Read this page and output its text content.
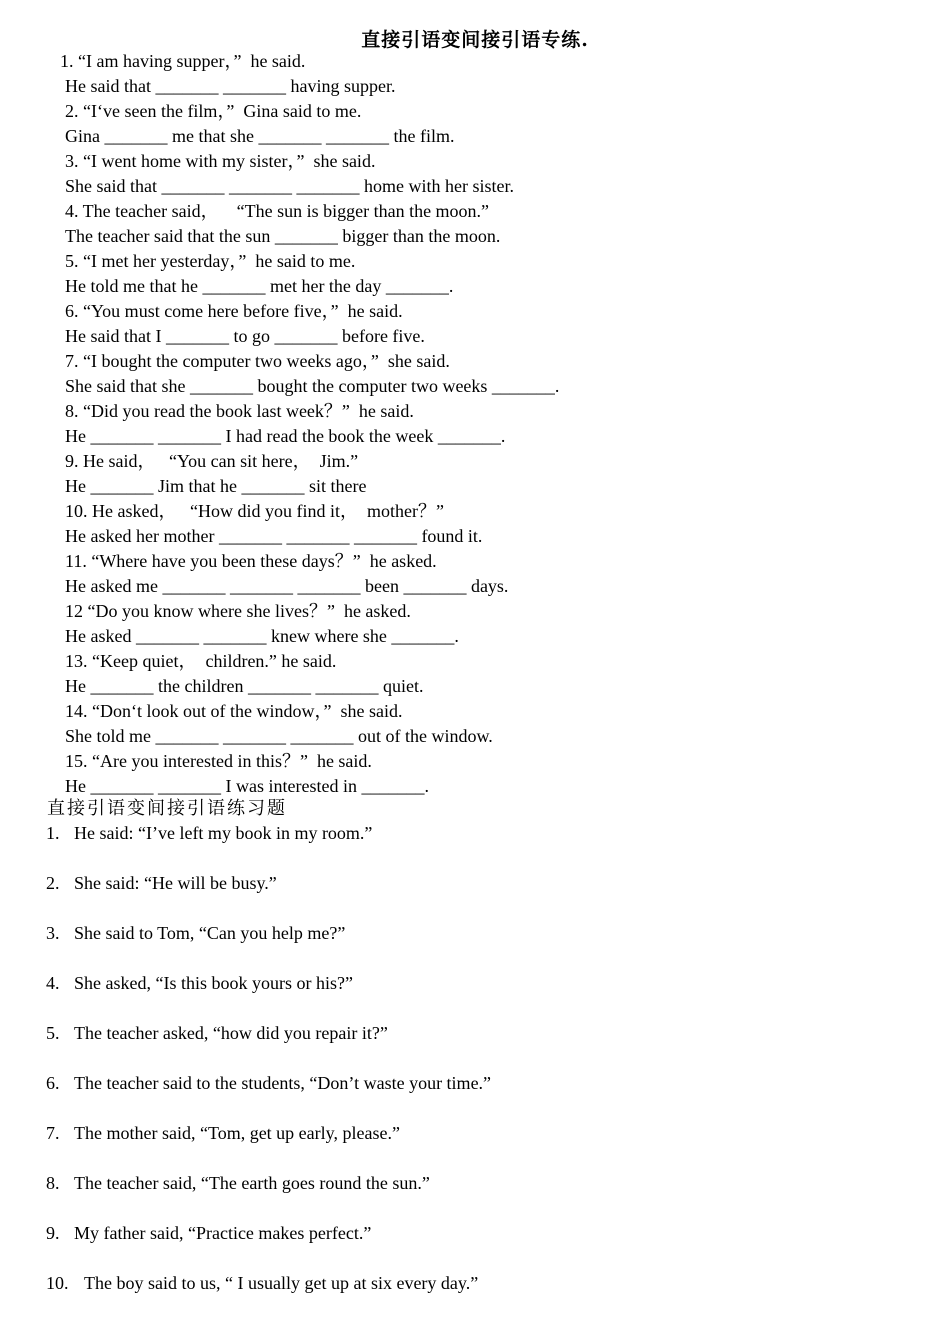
直接引语变间接引语专练.
1. “I am having supper，”  he said.
He said that _______ _______ having supper.
2. “I‘ve seen the film，”  Gina said to me.
Gina _______ me that she _______ _______ the film.
3. “I went home with my sister，”  she said.
She said that _______ _______ _______ home with her sister.
4. The teacher said，    “The sun is bigger than the moon.”
The teacher said that the sun _______ bigger than the moon.
5. “I met her yesterday，”  he said to me.
He told me that he _______ met her the day _______.
6. “You must come here before five，”  he said.
He said that I _______ to go _______ before five.
7. “I bought the computer two weeks ago，”  she said.
She said that she _______ bought the computer two weeks _______.
8. “Did you read the book last week？”  he said.
He _______ _______ I had read the book the week _______.
9. He said，   “You can sit here，  Jim.”
He _______ Jim that he _______ sit there
10. He asked，   “How did you find it，  mother？”
He asked her mother _______ _______ _______ found it.
11. “Where have you been these days？”  he asked.
He asked me _______ _______ _______ been _______ days.
12 “Do you know where she lives？”  he asked.
He asked _______ _______ knew where she _______.
13. “Keep quiet，  children.” he said.
He _______ the children _______ _______ quiet.
14. “Don‘t look out of the window，”  she said.
She told me _______ _______ _______ out of the window.
15. “Are you interested in this？”  he said.
He _______ _______ I was interested in _______.
直接引语变间接引语练习题
1. He said: “I’ve left my book in my room.”
2. She said: “He will be busy.”
3. She said to Tom, “Can you help me?”
4. She asked, “Is this book yours or his?”
5. The teacher asked, “how did you repair it?”
6. The teacher said to the students, “Don’t waste your time.”
7. The mother said, “Tom, get up early, please.”
8. The teacher said, “The earth goes round the sun.”
9. My father said, “Practice makes perfect.”
10. The boy said to us, “ I usually get up at six every day.”
